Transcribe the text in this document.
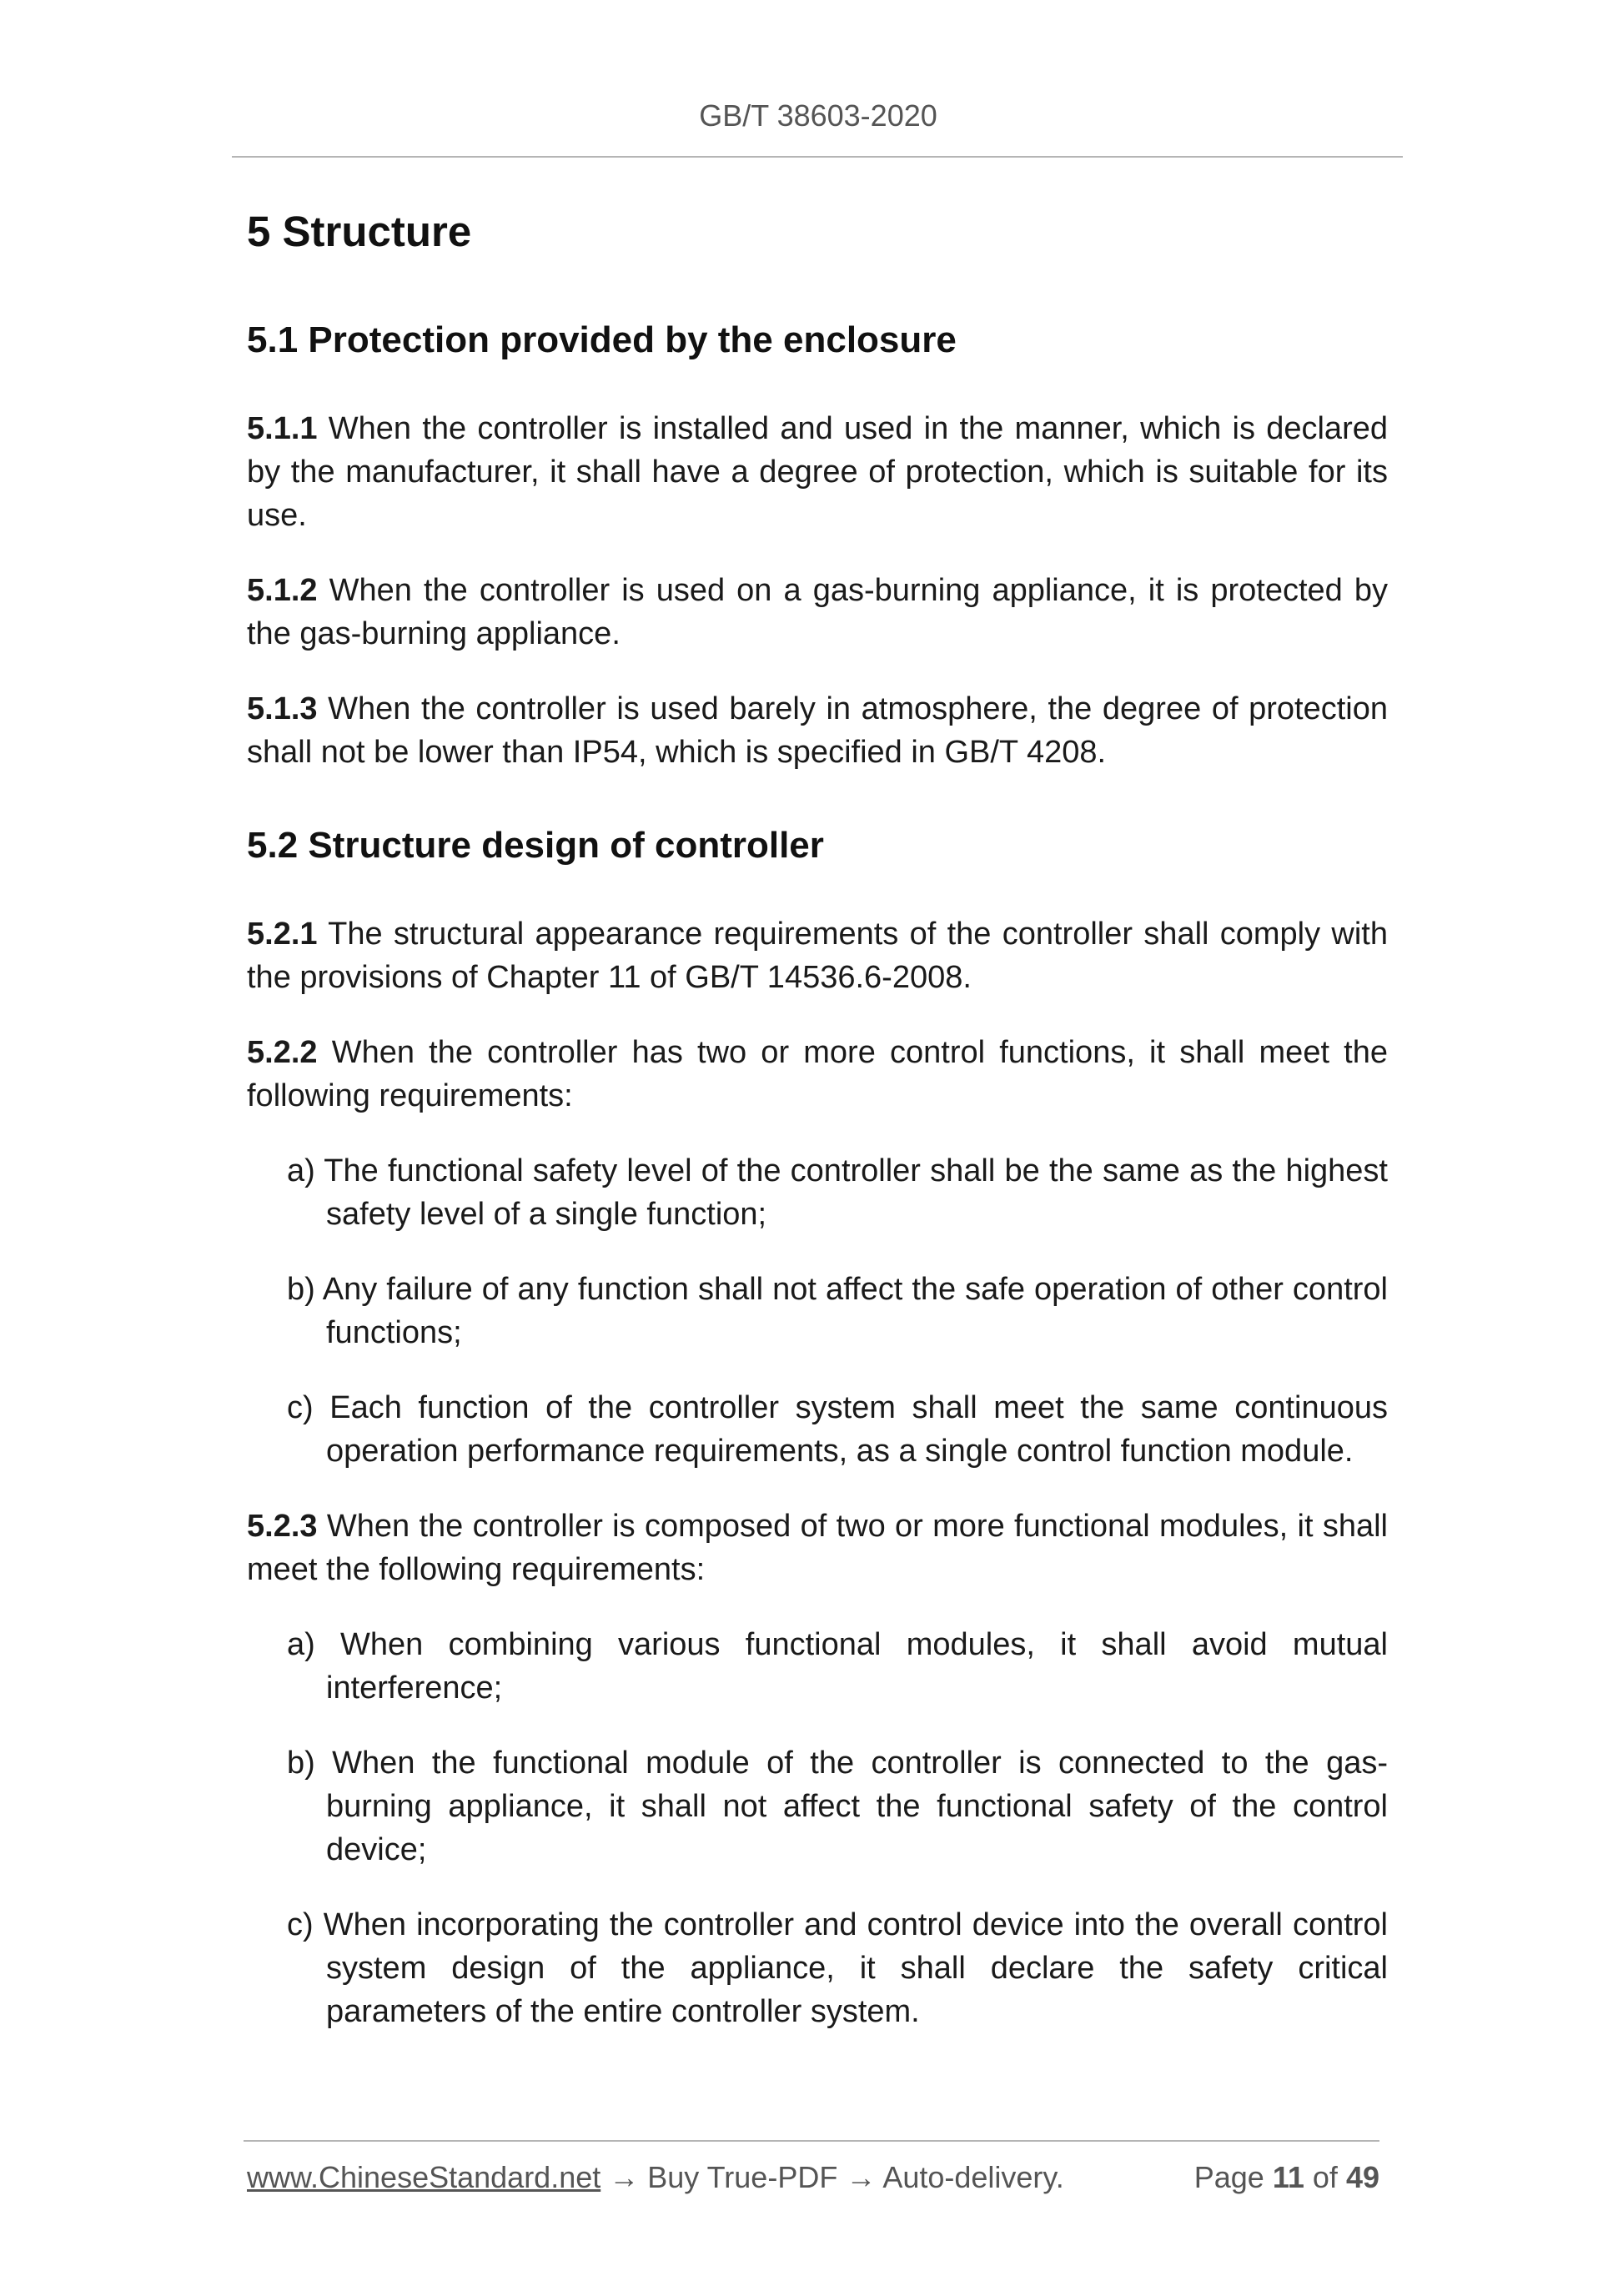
GB/T 38603-2020
5 Structure
5.1 Protection provided by the enclosure

5.1.1 When the controller is installed and used in the manner, which is declared by the manufacturer, it shall have a degree of protection, which is suitable for its use.

5.1.2 When the controller is used on a gas-burning appliance, it is protected by the gas-burning appliance.

5.1.3 When the controller is used barely in atmosphere, the degree of protection shall not be lower than IP54, which is specified in GB/T 4208.

5.2 Structure design of controller

5.2.1 The structural appearance requirements of the controller shall comply with the provisions of Chapter 11 of GB/T 14536.6-2008.

5.2.2 When the controller has two or more control functions, it shall meet the following requirements:

a) The functional safety level of the controller shall be the same as the highest safety level of a single function;

b) Any failure of any function shall not affect the safe operation of other control functions;

c) Each function of the controller system shall meet the same continuous operation performance requirements, as a single control function module.

5.2.3 When the controller is composed of two or more functional modules, it shall meet the following requirements:

a) When combining various functional modules, it shall avoid mutual interference;

b) When the functional module of the controller is connected to the gas-burning appliance, it shall not affect the functional safety of the control device;

c) When incorporating the controller and control device into the overall control system design of the appliance, it shall declare the safety critical parameters of the entire controller system.

www.ChineseStandard.net → Buy True-PDF → Auto-delivery.	Page 11 of 49
